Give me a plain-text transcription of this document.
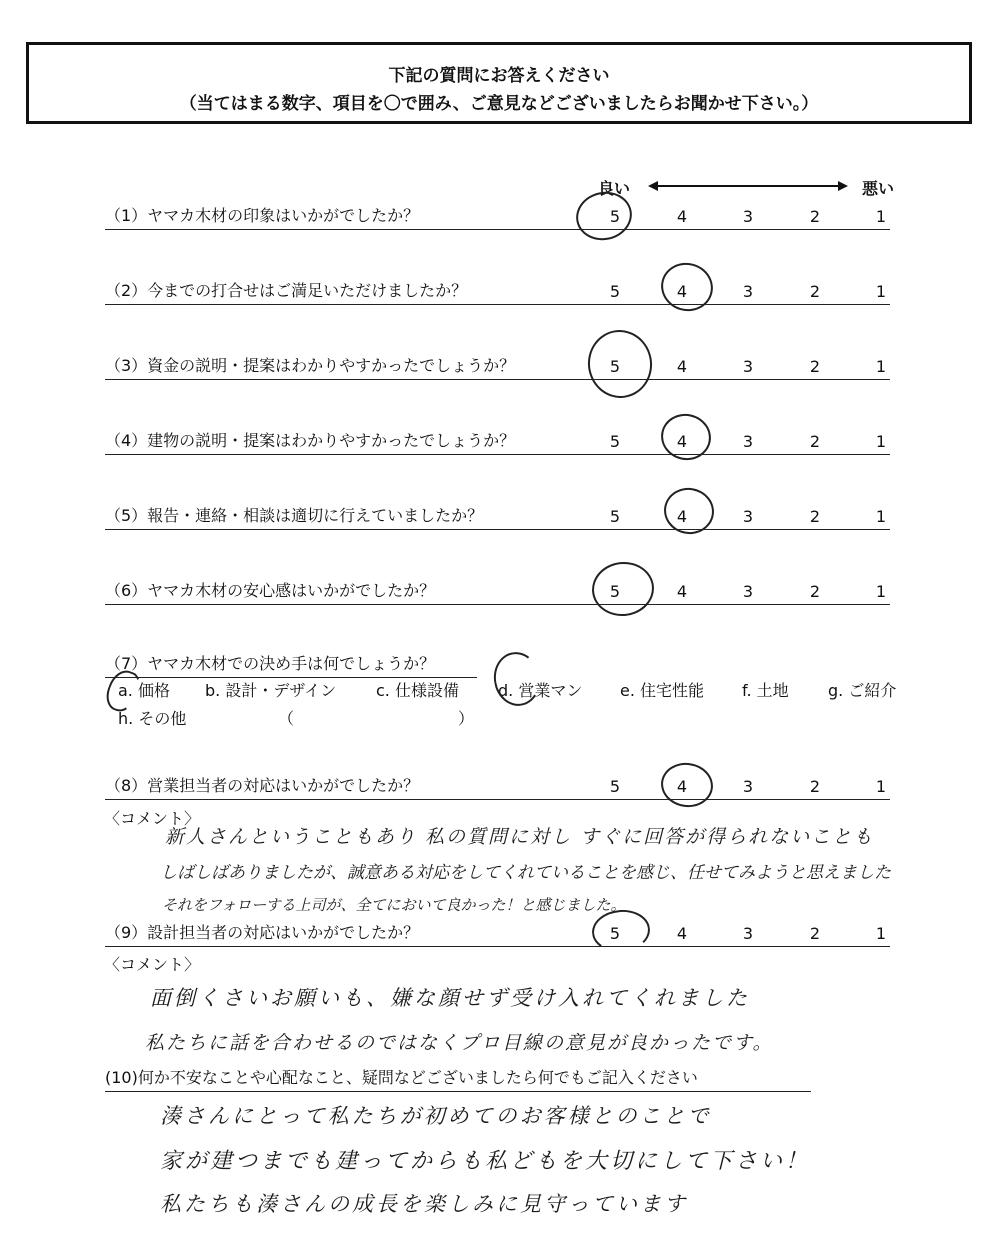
下記の質問にお答えください
（当てはまる数字、項目を〇で囲み、ご意見などございましたらお聞かせ下さい。）
良い	悪い
（1）ヤマカ木材の印象はいかがでしたか？	5	4	3	2	1
（2）今までの打合せはご満足いただけましたか？	5	4	3	2	1
（3）資金の説明・提案はわかりやすかったでしょうか？	5	4	3	2	1
（4）建物の説明・提案はわかりやすかったでしょうか？	5	4	3	2	1
（5）報告・連絡・相談は適切に行えていましたか？	5	4	3	2	1
（6）ヤマカ木材の安心感はいかがでしたか？	5	4	3	2	1
（7）ヤマカ木材での決め手は何でしょうか？
a. 価格 b. 設計・デザイン c. 仕様設備 d. 営業マン e. 住宅性能 f. 土地 g. ご紹介
h. その他	（	）
（8）営業担当者の対応はいかがでしたか？	5	4	3	2	1
〈コメント〉
新人さんということもあり 私の質問に対し すぐに回答が得られないことも
しばしばありましたが、誠意ある対応をしてくれていることを感じ、任せてみようと思えました
それをフォローする上司が、全てにおいて良かった！と感じました。
（9）設計担当者の対応はいかがでしたか？	5	4	3	2	1
〈コメント〉
面倒くさいお願いも、嫌な顔せず受け入れてくれました
私たちに話を合わせるのではなくプロ目線の意見が良かったです。
(10)何か不安なことや心配なこと、疑問などございましたら何でもご記入ください
湊さんにとって私たちが初めてのお客様とのことで
家が建つまでも建ってからも私どもを大切にして下さい！
私たちも湊さんの成長を楽しみに見守っています
